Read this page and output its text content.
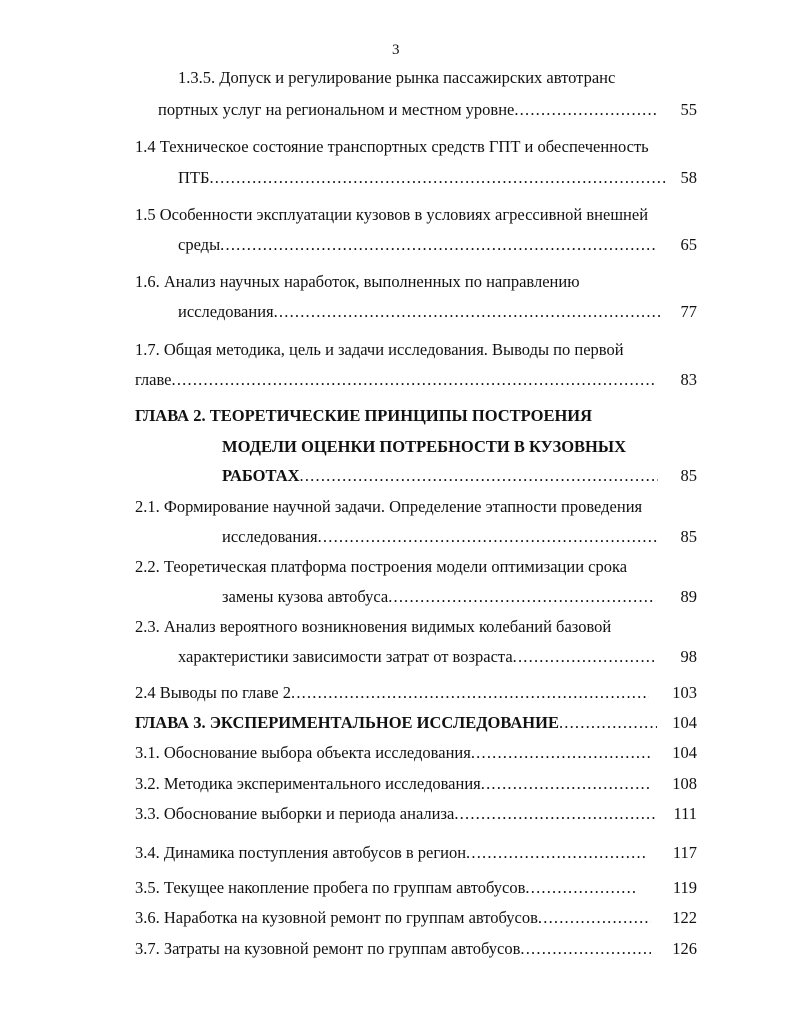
3
1.3.5. Допуск и регулирование рынка пассажирских автотранс
портных услуг на региональном и местном уровне .....	55
1.4 Техническое состояние транспортных средств ГПТ и обеспеченность
ПТБ .....	58
1.5 Особенности эксплуатации кузовов в условиях агрессивной внешней
среды .....	65
1.6. Анализ научных наработок, выполненных по направлению
исследования .....	77
1.7. Общая методика, цель и задачи исследования. Выводы по первой
главе .....	83
ГЛАВА 2. ТЕОРЕТИЧЕСКИЕ ПРИНЦИПЫ ПОСТРОЕНИЯ
МОДЕЛИ ОЦЕНКИ ПОТРЕБНОСТИ В КУЗОВНЫХ
РАБОТАХ .....	85
2.1. Формирование научной задачи. Определение этапности проведения
исследования .....	85
2.2. Теоретическая платформа построения модели оптимизации срока
замены кузова автобуса .....	89
2.3. Анализ вероятного возникновения видимых колебаний базовой
характеристики зависимости затрат от возраста .....	98
2.4 Выводы по главе 2 .....	103
ГЛАВА 3. ЭКСПЕРИМЕНТАЛЬНОЕ ИССЛЕДОВАНИЕ .....	104
3.1. Обоснование выбора объекта исследования .....	104
3.2. Методика экспериментального исследования .....	108
3.3. Обоснование выборки и периода анализа .....	111
3.4. Динамика поступления автобусов в регион .....	117
3.5. Текущее накопление пробега по группам автобусов .....	119
3.6. Наработка на кузовной ремонт по группам автобусов .....	122
3.7. Затраты на кузовной ремонт по группам автобусов .....	126
